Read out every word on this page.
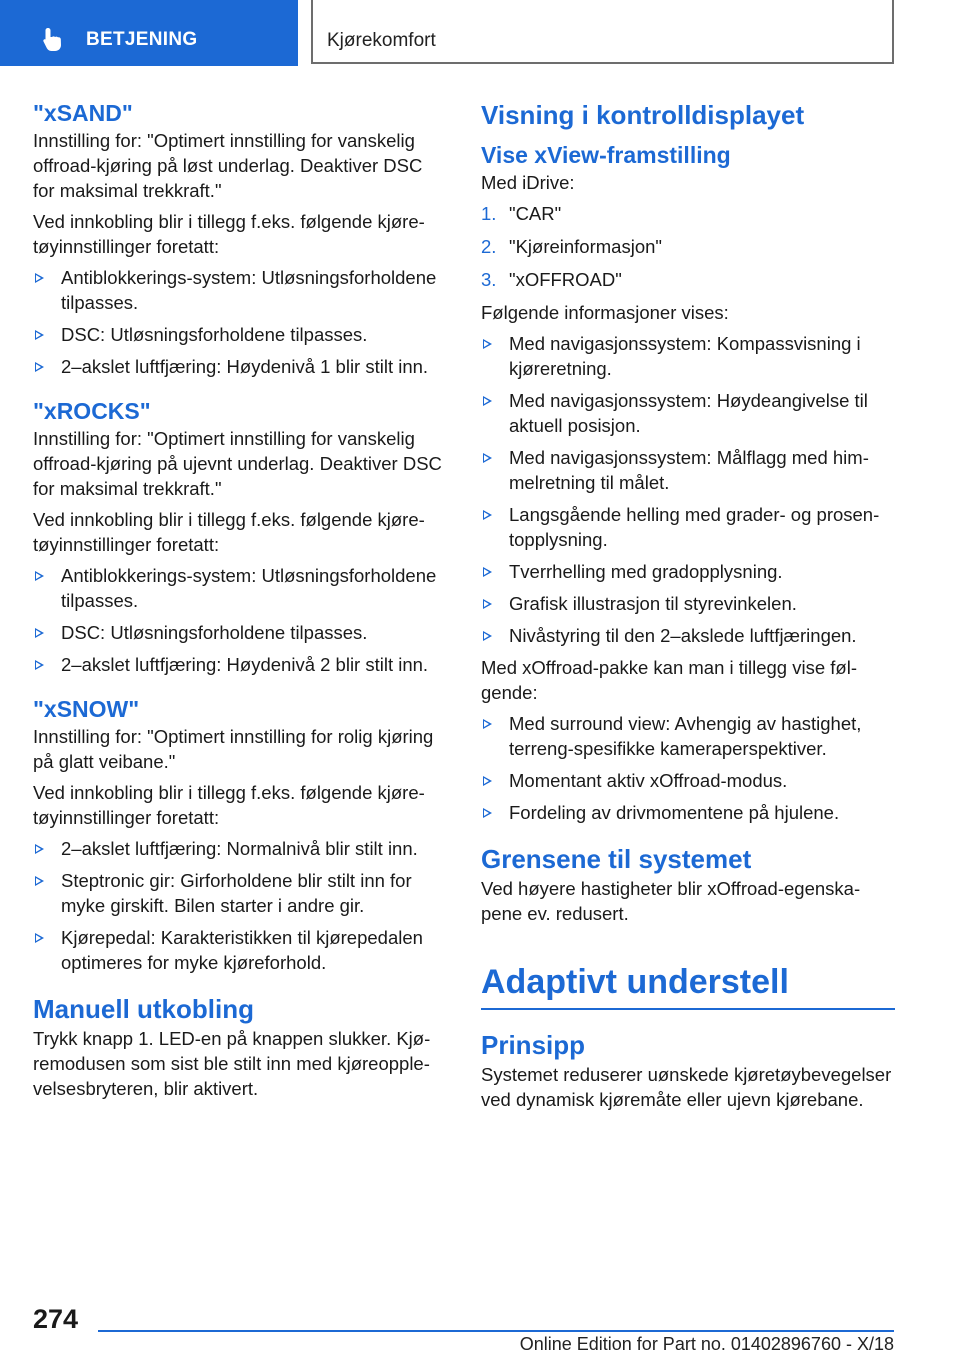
BETJENING	Kjørekomfort
"xSAND"

Innstilling for: "Optimert innstilling for vanskelig offroad-kjøring på løst underlag. Deaktiver DSC for maksimal trekkraft."

Ved innkobling blir i tillegg f.eks. følgende kjøretøyinnstillinger foretatt:

Antiblokkerings-system: Utløsningsforholdene tilpasses.
DSC: Utløsningsforholdene tilpasses.
2–akslet luftfjæring: Høydenivå 1 blir stilt inn.
"xROCKS"

Innstilling for: "Optimert innstilling for vanskelig offroad-kjøring på ujevnt underlag. Deaktiver DSC for maksimal trekkraft."

Ved innkobling blir i tillegg f.eks. følgende kjøretøyinnstillinger foretatt:

Antiblokkerings-system: Utløsningsforholdene tilpasses.
DSC: Utløsningsforholdene tilpasses.
2–akslet luftfjæring: Høydenivå 2 blir stilt inn.
"xSNOW"

Innstilling for: "Optimert innstilling for rolig kjøring på glatt veibane."

Ved innkobling blir i tillegg f.eks. følgende kjøretøyinnstillinger foretatt:

2–akslet luftfjæring: Normalnivå blir stilt inn.
Steptronic gir: Girforholdene blir stilt inn for myke girskift. Bilen starter i andre gir.
Kjørepedal: Karakteristikken til kjørepedalen optimeres for myke kjøreforhold.
Manuell utkobling

Trykk knapp 1. LED-en på knappen slukker. Kjøremodusen som sist ble stilt inn med kjøreopplevelsesbryteren, blir aktivert.

Visning i kontrolldisplayet
Vise xView-framstilling

Med iDrive:

1. "CAR"
2. "Kjøreinformasjon"
3. "xOFFROAD"

Følgende informasjoner vises:

Med navigasjonssystem: Kompassvisning i kjøreretning.
Med navigasjonssystem: Høydeangivelse til aktuell posisjon.
Med navigasjonssystem: Målflagg med himmelretning til målet.
Langsgående helling med grader- og prosentopplysning.
Tverrhelling med gradopplysning.
Grafisk illustrasjon til styrevinkelen.
Nivåstyring til den 2–akslede luftfjæringen.

Med xOffroad-pakke kan man i tillegg vise følgende:

Med surround view: Avhengig av hastighet, terreng-spesifikke kameraperspektiver.
Momentant aktiv xOffroad-modus.
Fordeling av drivmomentene på hjulene.
Grensene til systemet

Ved høyere hastigheter blir xOffroad-egenskapene ev. redusert.

Adaptivt understell
Prinsipp

Systemet reduserer uønskede kjøretøybevegelser ved dynamisk kjøremåte eller ujevn kjørebane.

274
Online Edition for Part no. 01402896760 - X/18
